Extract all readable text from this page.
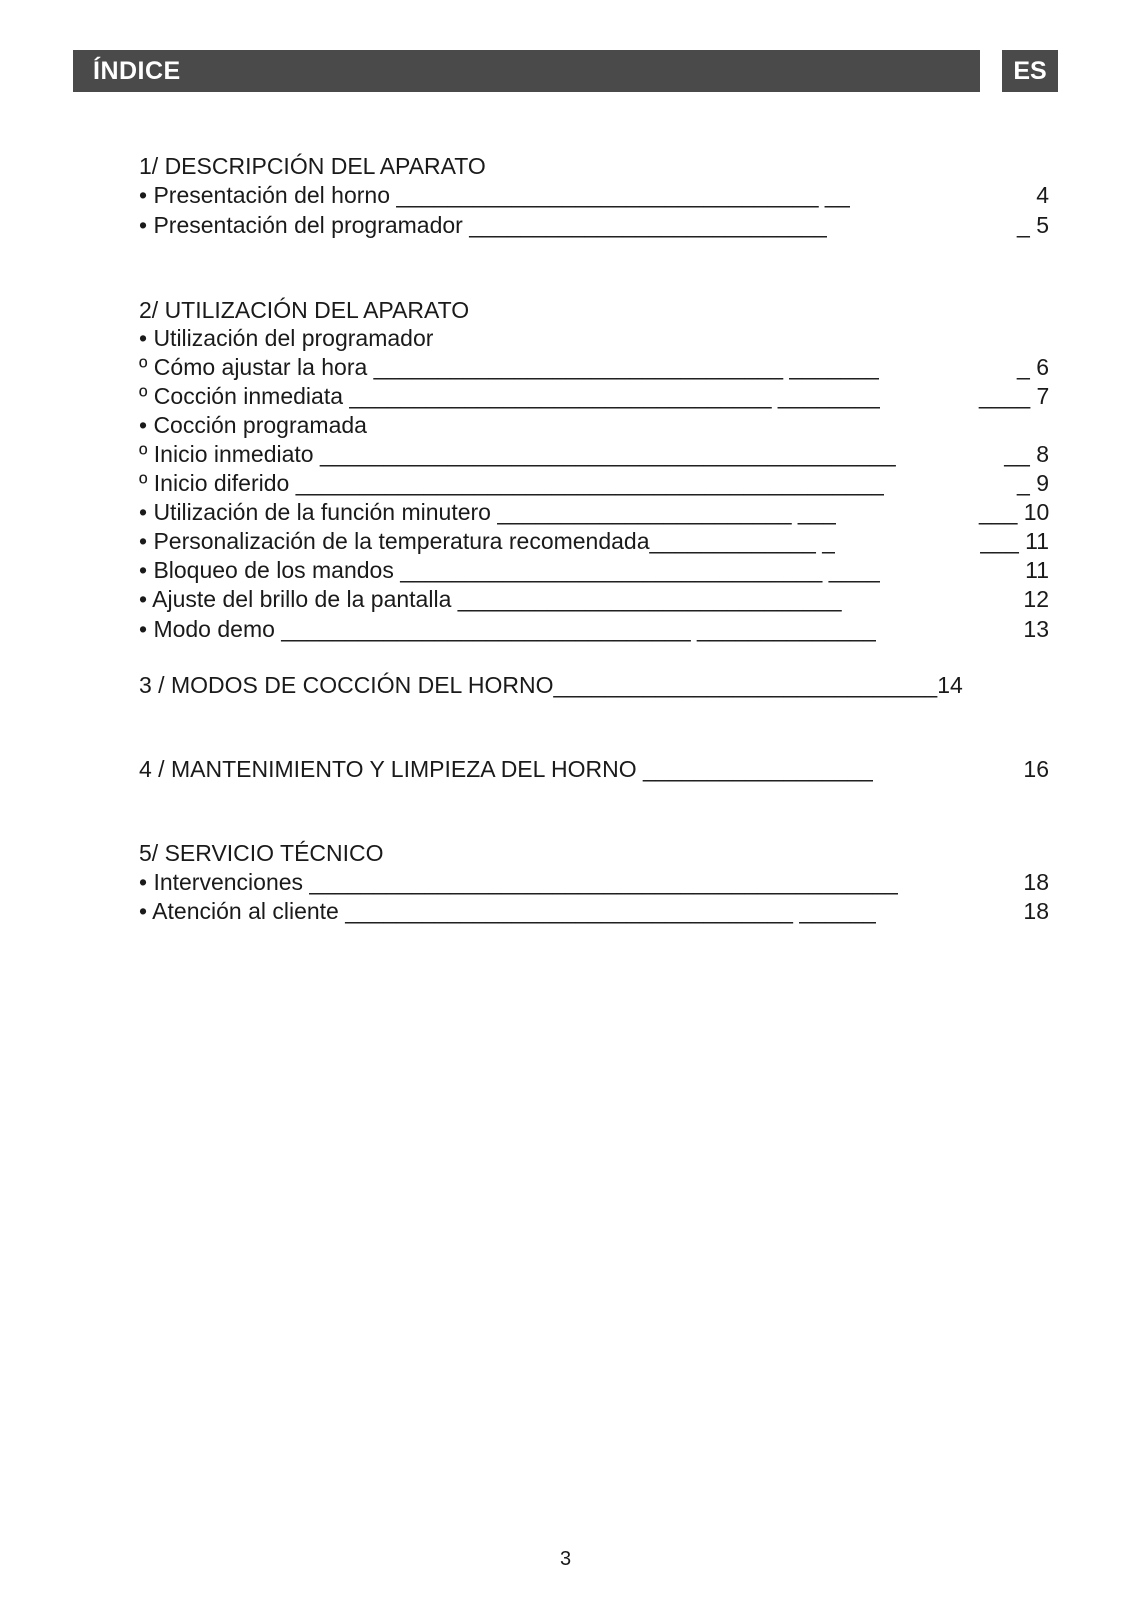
ÍNDICE	ES
1/ DESCRIPCIÓN DEL APARATO
• Presentación del horno _________________________________ __	4
• Presentación del programador ____________________________	_ 5
2/ UTILIZACIÓN DEL APARATO
• Utilización del programador
º Cómo ajustar la hora ________________________________ _______	_ 6
º Cocción inmediata _________________________________ ________	____ 7
• Cocción programada
º Inicio inmediato _____________________________________________	__ 8
º Inicio diferido ______________________________________________	_ 9
• Utilización de la función minutero _______________________ ___	___ 10
• Personalización de la temperatura recomendada_____________ _	___ 11
• Bloqueo de los mandos _________________________________ ____	11
• Ajuste del brillo de la pantalla ______________________________	12
• Modo demo ________________________________ ______________	13
3 / MODOS DE COCCIÓN DEL HORNO______________________________14
4 / MANTENIMIENTO Y LIMPIEZA DEL HORNO __________________	16
5/ SERVICIO TÉCNICO
• Intervenciones ______________________________________________	18
• Atención al cliente ___________________________________ ______	18
3
